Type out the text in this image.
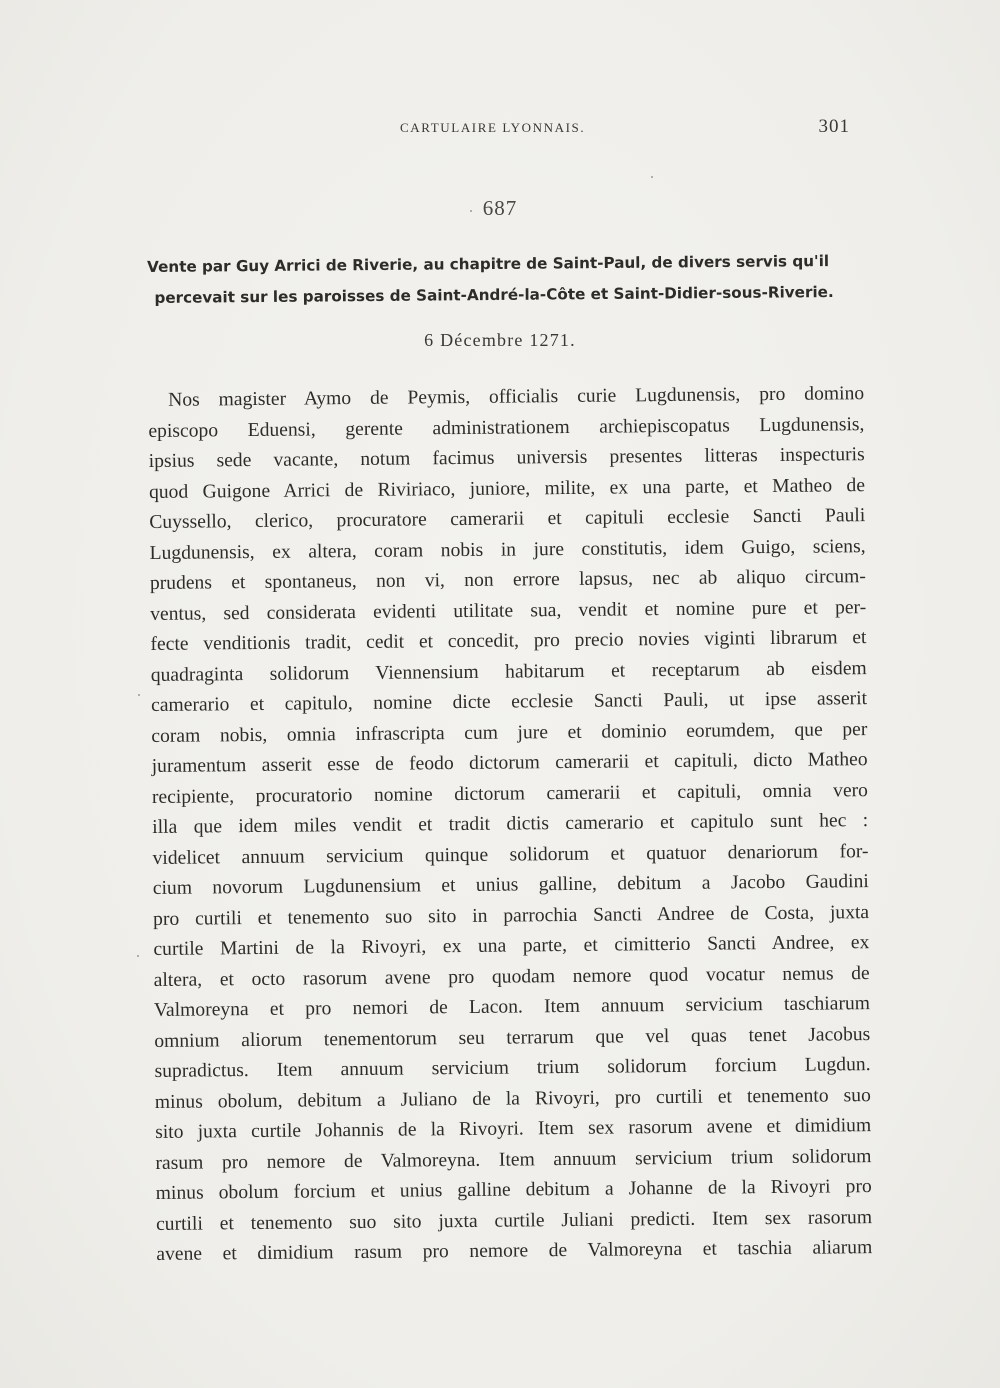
CARTULAIRE LYONNAIS.	301
687
Vente par Guy Arrici de Riverie, au chapitre de Saint-Paul, de divers servis qu'il
percevait sur les paroisses de Saint-André-la-Côte et Saint-Didier-sous-Riverie.
6 Décembre 1271.
Nos magister Aymo de Peymis, officialis curie Lugdunensis, pro domino
episcopo Eduensi, gerente administrationem archiepiscopatus Lugdunensis,
ipsius sede vacante, notum facimus universis presentes litteras inspecturis
quod Guigone Arrici de Riviriaco, juniore, milite, ex una parte, et Matheo de
Cuyssello, clerico, procuratore camerarii et capituli ecclesie Sancti Pauli
Lugdunensis, ex altera, coram nobis in jure constitutis, idem Guigo, sciens,
prudens et spontaneus, non vi, non errore lapsus, nec ab aliquo circum-
ventus, sed considerata evidenti utilitate sua, vendit et nomine pure et per-
fecte venditionis tradit, cedit et concedit, pro precio novies viginti librarum et
quadraginta solidorum Viennensium habitarum et receptarum ab eisdem
camerario et capitulo, nomine dicte ecclesie Sancti Pauli, ut ipse asserit
coram nobis, omnia infrascripta cum jure et dominio eorumdem, que per
juramentum asserit esse de feodo dictorum camerarii et capituli, dicto Matheo
recipiente, procuratorio nomine dictorum camerarii et capituli, omnia vero
illa que idem miles vendit et tradit dictis camerario et capitulo sunt hec :
videlicet annuum servicium quinque solidorum et quatuor denariorum for-
cium novorum Lugdunensium et unius galline, debitum a Jacobo Gaudini
pro curtili et tenemento suo sito in parrochia Sancti Andree de Costa, juxta
curtile Martini de la Rivoyri, ex una parte, et cimitterio Sancti Andree, ex
altera, et octo rasorum avene pro quodam nemore quod vocatur nemus de
Valmoreyna et pro nemori de Lacon. Item annuum servicium taschiarum
omnium aliorum tenementorum seu terrarum que vel quas tenet Jacobus
supradictus. Item annuum servicium trium solidorum forcium Lugdun.
minus obolum, debitum a Juliano de la Rivoyri, pro curtili et tenemento suo
sito juxta curtile Johannis de la Rivoyri. Item sex rasorum avene et dimidium
rasum pro nemore de Valmoreyna. Item annuum servicium trium solidorum
minus obolum forcium et unius galline debitum a Johanne de la Rivoyri pro
curtili et tenemento suo sito juxta curtile Juliani predicti. Item sex rasorum
avene et dimidium rasum pro nemore de Valmoreyna et taschia aliarum
